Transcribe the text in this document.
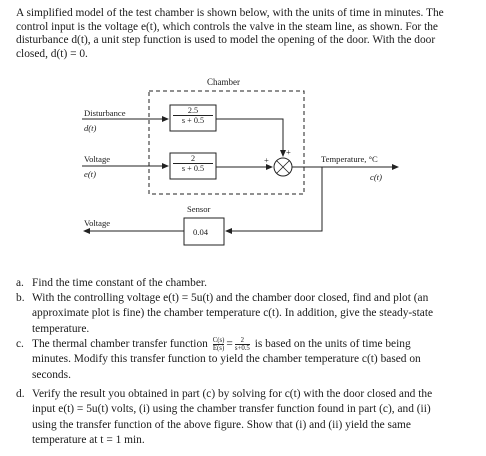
A simplified model of the test chamber is shown below, with the units of time in minutes. The
control input is the voltage e(t), which controls the valve in the steam line, as shown. For the
disturbance d(t), a unit step function is used to model the opening of the door. With the door
closed, d(t) = 0.
Chamber
Disturbance
d(t)
Voltage
e(t)
2.5
s + 0.5
2
s + 0.5
+
+
Temperature, °C
c(t)
Sensor
0.04
Voltage
a. Find the time constant of the chamber.
b. With the controlling voltage e(t) = 5u(t) and the chamber door closed, find and plot (an
approximate plot is fine) the chamber temperature c(t). In addition, give the steady-state
temperature.
c. The thermal chamber transfer function $\frac{C(s)}{E(s)} = \frac{2}{s+0.5}$ is based on the units of time being
minutes. Modify this transfer function to yield the chamber temperature c(t) based on
seconds.
d. Verify the result you obtained in part (c) by solving for c(t) with the door closed and the
input e(t) = 5u(t) volts, (i) using the chamber transfer function found in part (c), and (ii)
using the transfer function of the above figure. Show that (i) and (ii) yield the same
temperature at t = 1 min.
